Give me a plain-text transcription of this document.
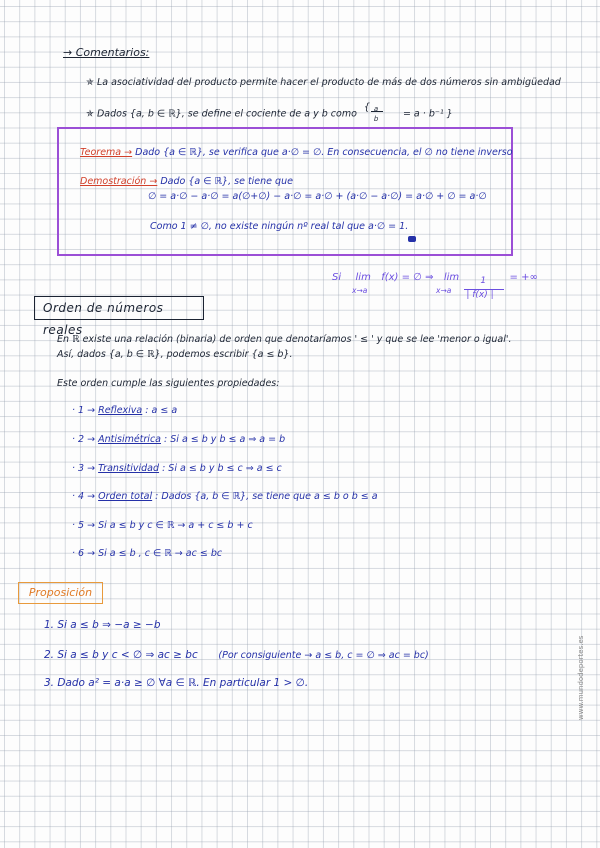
→ Comentarios:
✯ La asociatividad del producto permite hacer el producto de más de dos números sin ambigüedad
✯ Dados {a, b ∈ ℝ}, se define el cociente de a y b como
{ a
b	= a · b⁻¹ }
Teorema → Dado {a ∈ ℝ}, se verifica que a·∅ = ∅. En consecuencia, el ∅ no tiene inverso
Demostración → Dado {a ∈ ℝ}, se tiene que
∅ = a·∅ − a·∅ = a(∅+∅) − a·∅ = a·∅ + (a·∅ − a·∅) = a·∅ + ∅ = a·∅
Como 1 ≠ ∅, no existe ningún nº real tal que a·∅ = 1.
Si lim
x→a
f(x) = ∅ ⇒ lim
x→a
$\frac{1}{| f(x) |}$
= +∞
Orden de números reales
En ℝ existe una relación (binaria) de orden que denotaríamos ' ≤ ' y que se lee 'menor o igual'.
Así, dados {a, b ∈ ℝ}, podemos escribir {a ≤ b}.
Este orden cumple las siguientes propiedades:
· 1 → Reflexiva : a ≤ a
· 2 → Antisimétrica : Si a ≤ b y b ≤ a ⇒ a = b
· 3 → Transitividad : Si a ≤ b y b ≤ c ⇒ a ≤ c
· 4 → Orden total : Dados {a, b ∈ ℝ}, se tiene que a ≤ b o b ≤ a
· 5 → Si a ≤ b y c ∈ ℝ → a + c ≤ b + c
· 6 → Si a ≤ b , c ∈ ℝ → ac ≤ bc
Proposición
1. Si a ≤ b ⇒ −a ≥ −b
2. Si a ≤ b y c < ∅ ⇒ ac ≥ bc (Por consiguiente → a ≤ b, c = ∅ ⇒ ac = bc)
3. Dado a² = a·a ≥ ∅ ∀a ∈ ℝ. En particular 1 > ∅.	www.mundodeportes.es
